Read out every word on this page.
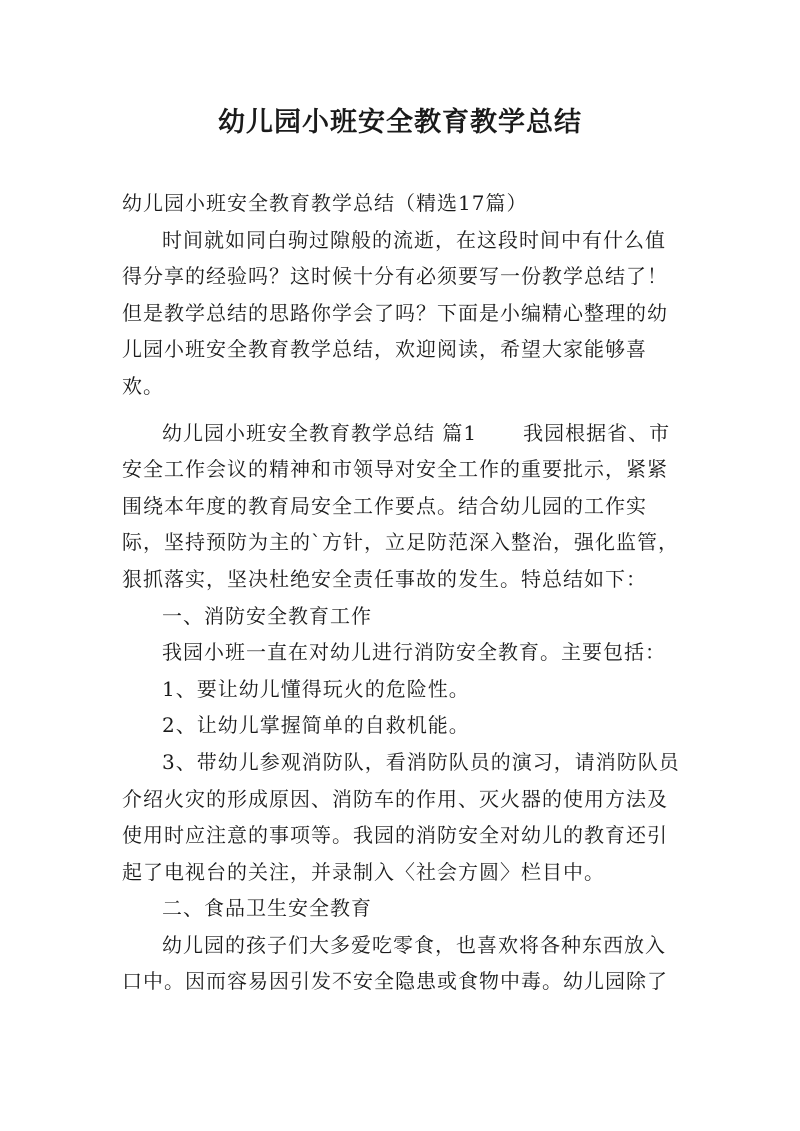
幼儿园小班安全教育教学总结

幼儿园小班安全教育教学总结（精选17篇）

时间就如同白驹过隙般的流逝，在这段时间中有什么值得分享的经验吗？这时候十分有必须要写一份教学总结了！但是教学总结的思路你学会了吗？下面是小编精心整理的幼儿园小班安全教育教学总结，欢迎阅读，希望大家能够喜欢。

幼儿园小班安全教育教学总结 篇1 我园根据省、市安全工作会议的精神和市领导对安全工作的重要批示，紧紧围绕本年度的教育局安全工作要点。结合幼儿园的工作实际，坚持预防为主的`方针，立足防范深入整治，强化监管，狠抓落实，坚决杜绝安全责任事故的发生。特总结如下：

一、消防安全教育工作

我园小班一直在对幼儿进行消防安全教育。主要包括：

1、要让幼儿懂得玩火的危险性。

2、让幼儿掌握简单的自救机能。

3、带幼儿参观消防队，看消防队员的演习，请消防队员介绍火灾的形成原因、消防车的作用、灭火器的使用方法及使用时应注意的事项等。我园的消防安全对幼儿的教育还引起了电视台的关注，并录制入〈社会方圆〉栏目中。

二、食品卫生安全教育

幼儿园的孩子们大多爱吃零食，也喜欢将各种东西放入口中。因而容易因引发不安全隐患或食物中毒。幼儿园除了
